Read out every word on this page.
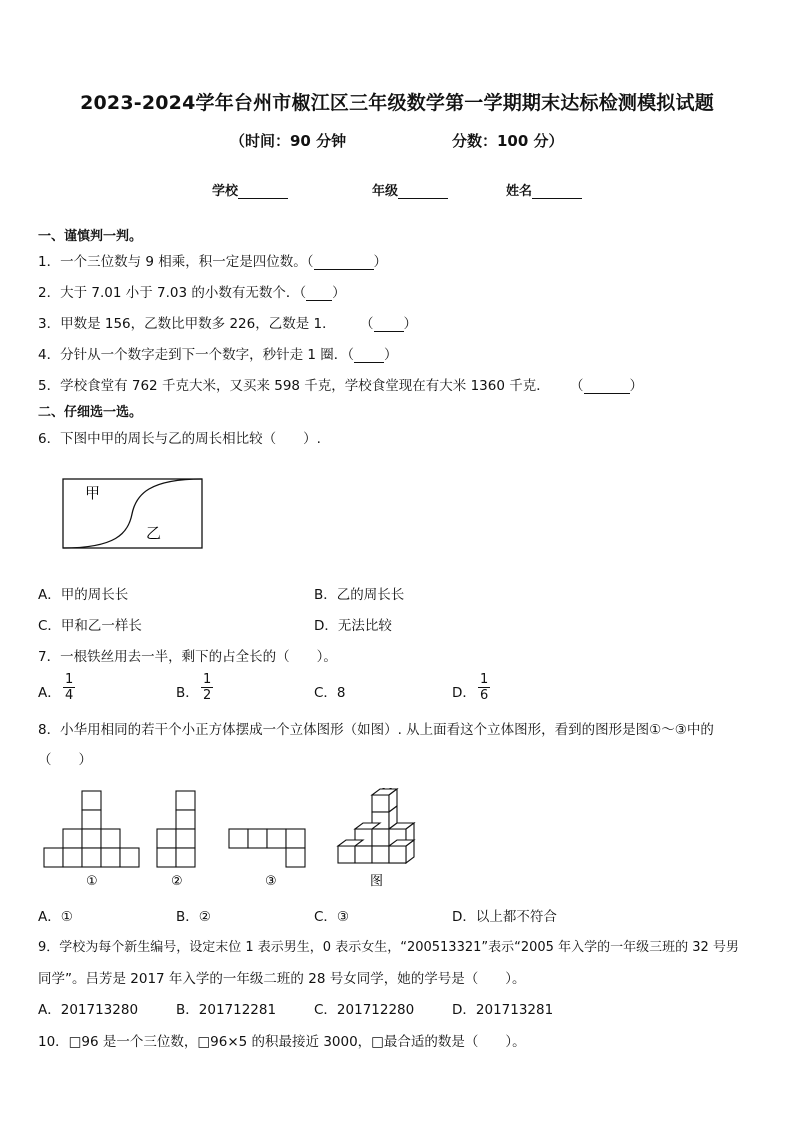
2023-2024学年台州市椒江区三年级数学第一学期期末达标检测模拟试题
（时间：90 分钟	分数：100 分）
学校	年级	姓名
一、谨慎判一判。
1．一个三位数与 9 相乘，积一定是四位数。（	）
2．大于 7.01 小于 7.03 的小数有无数个．（ ）
3．甲数是 156，乙数比甲数多 226，乙数是 1． （ ）
4．分针从一个数字走到下一个数字，秒针走 1 圈．（ ）
5．学校食堂有 762 千克大米，又买来 598 千克，学校食堂现在有大米 1360 千克． （	）
二、仔细选一选。
6．下图中甲的周长与乙的周长相比较（　　）.
甲
乙
A．甲的周长长	B．乙的周长长
C．甲和乙一样长	D．无法比较
7．一根铁丝用去一半，剩下的占全长的（　　）。
A． $\frac{1}{4}$	B． $\frac{1}{2}$	C．8	D． $\frac{1}{6}$
8．小华用相同的若干个小正方体摆成一个立体图形（如图）. 从上面看这个立体图形，看到的图形是图①～③中的
（　　）
①	②	③	图
A．①	B．②	C．③	D．以上都不符合
9．学校为每个新生编号，设定末位 1 表示男生，0 表示女生，“200513321”表示“2005 年入学的一年级三班的 32 号男
同学”。吕芳是 2017 年入学的一年级二班的 28 号女同学，她的学号是（　　）。
A．201713280	B．201712281	C．201712280	D．201713281
10．□96 是一个三位数，□96×5 的积最接近 3000，□最合适的数是（　　）。
